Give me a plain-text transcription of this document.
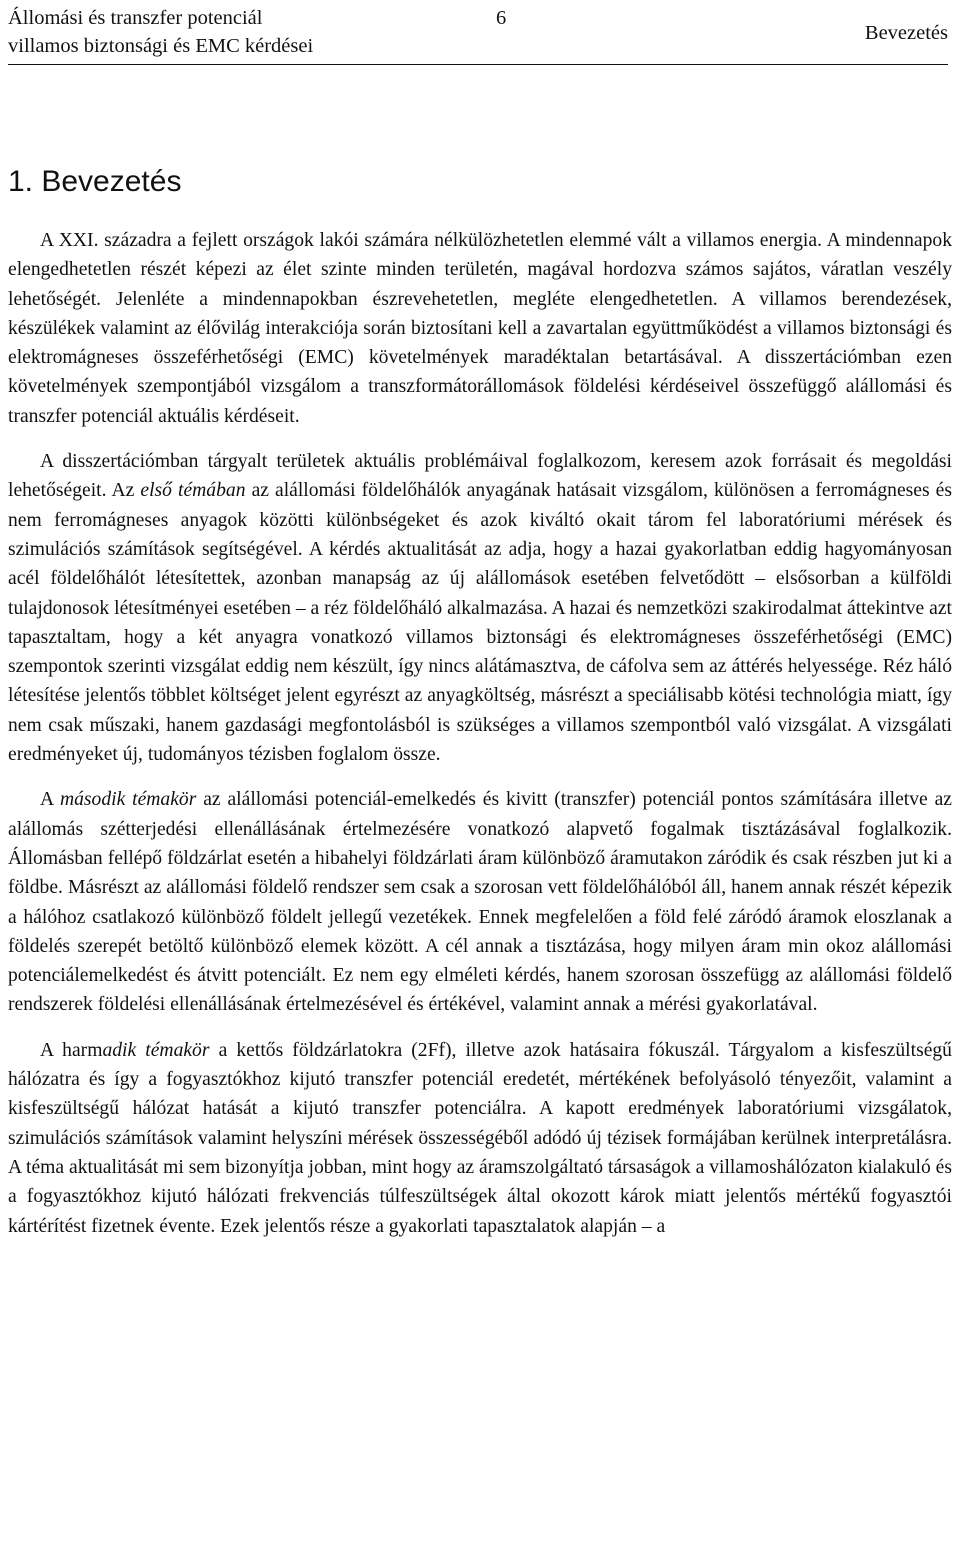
Állomási és transzfer potenciál
villamos biztonsági és EMC kérdései
6
Bevezetés
1. Bevezetés

A XXI. századra a fejlett országok lakói számára nélkülözhetetlen elemmé vált a villamos energia. A mindennapok elengedhetetlen részét képezi az élet szinte minden területén, magával hordozva számos sajátos, váratlan veszély lehetőségét. Jelenléte a mindennapokban észrevehetetlen, megléte elengedhetetlen. A villamos berendezések, készülékek valamint az élővilág interakciója során biztosítani kell a zavartalan együttműködést a villamos biztonsági és elektromágneses összeférhetőségi (EMC) követelmények maradéktalan betartásával. A disszertációmban ezen követelmények szempontjából vizsgálom a transzformátorállomások földelési kérdéseivel összefüggő alállomási és transzfer potenciál aktuális kérdéseit.

A disszertációmban tárgyalt területek aktuális problémáival foglalkozom, keresem azok forrásait és megoldási lehetőségeit. Az első témában az alállomási földelőhálók anyagának hatásait vizsgálom, különösen a ferromágneses és nem ferromágneses anyagok közötti különbségeket és azok kiváltó okait tárom fel laboratóriumi mérések és szimulációs számítások segítségével. A kérdés aktualitását az adja, hogy a hazai gyakorlatban eddig hagyományosan acél földelőhálót létesítettek, azonban manapság az új alállomások esetében felvetődött – elsősorban a külföldi tulajdonosok létesítményei esetében – a réz földelőháló alkalmazása. A hazai és nemzetközi szakirodalmat áttekintve azt tapasztaltam, hogy a két anyagra vonatkozó villamos biztonsági és elektromágneses összeférhetőségi (EMC) szempontok szerinti vizsgálat eddig nem készült, így nincs alátámasztva, de cáfolva sem az áttérés helyessége. Réz háló létesítése jelentős többlet költséget jelent egyrészt az anyagköltség, másrészt a speciálisabb kötési technológia miatt, így nem csak műszaki, hanem gazdasági megfontolásból is szükséges a villamos szempontból való vizsgálat. A vizsgálati eredményeket új, tudományos tézisben foglalom össze.

A második témakör az alállomási potenciál-emelkedés és kivitt (transzfer) potenciál pontos számítására illetve az alállomás szétterjedési ellenállásának értelmezésére vonatkozó alapvető fogalmak tisztázásával foglalkozik. Állomásban fellépő földzárlat esetén a hibahelyi földzárlati áram különböző áramutakon záródik és csak részben jut ki a földbe. Másrészt az alállomási földelő rendszer sem csak a szorosan vett földelőhálóból áll, hanem annak részét képezik a hálóhoz csatlakozó különböző földelt jellegű vezetékek. Ennek megfelelően a föld felé záródó áramok eloszlanak a földelés szerepét betöltő különböző elemek között. A cél annak a tisztázása, hogy milyen áram min okoz alállomási potenciálemelkedést és átvitt potenciált. Ez nem egy elméleti kérdés, hanem szorosan összefügg az alállomási földelő rendszerek földelési ellenállásának értelmezésével és értékével, valamint annak a mérési gyakorlatával.

A harmadik témakör a kettős földzárlatokra (2Ff), illetve azok hatásaira fókuszál. Tárgyalom a kisfeszültségű hálózatra és így a fogyasztókhoz kijutó transzfer potenciál eredetét, mértékének befolyásoló tényezőit, valamint a kisfeszültségű hálózat hatását a kijutó transzfer potenciálra. A kapott eredmények laboratóriumi vizsgálatok, szimulációs számítások valamint helyszíni mérések összességéből adódó új tézisek formájában kerülnek interpretálásra. A téma aktualitását mi sem bizonyítja jobban, mint hogy az áramszolgáltató társaságok a villamoshálózaton kialakuló és a fogyasztókhoz kijutó hálózati frekvenciás túlfeszültségek által okozott károk miatt jelentős mértékű fogyasztói kártérítést fizetnek évente. Ezek jelentős része a gyakorlati tapasztalatok alapján – a
